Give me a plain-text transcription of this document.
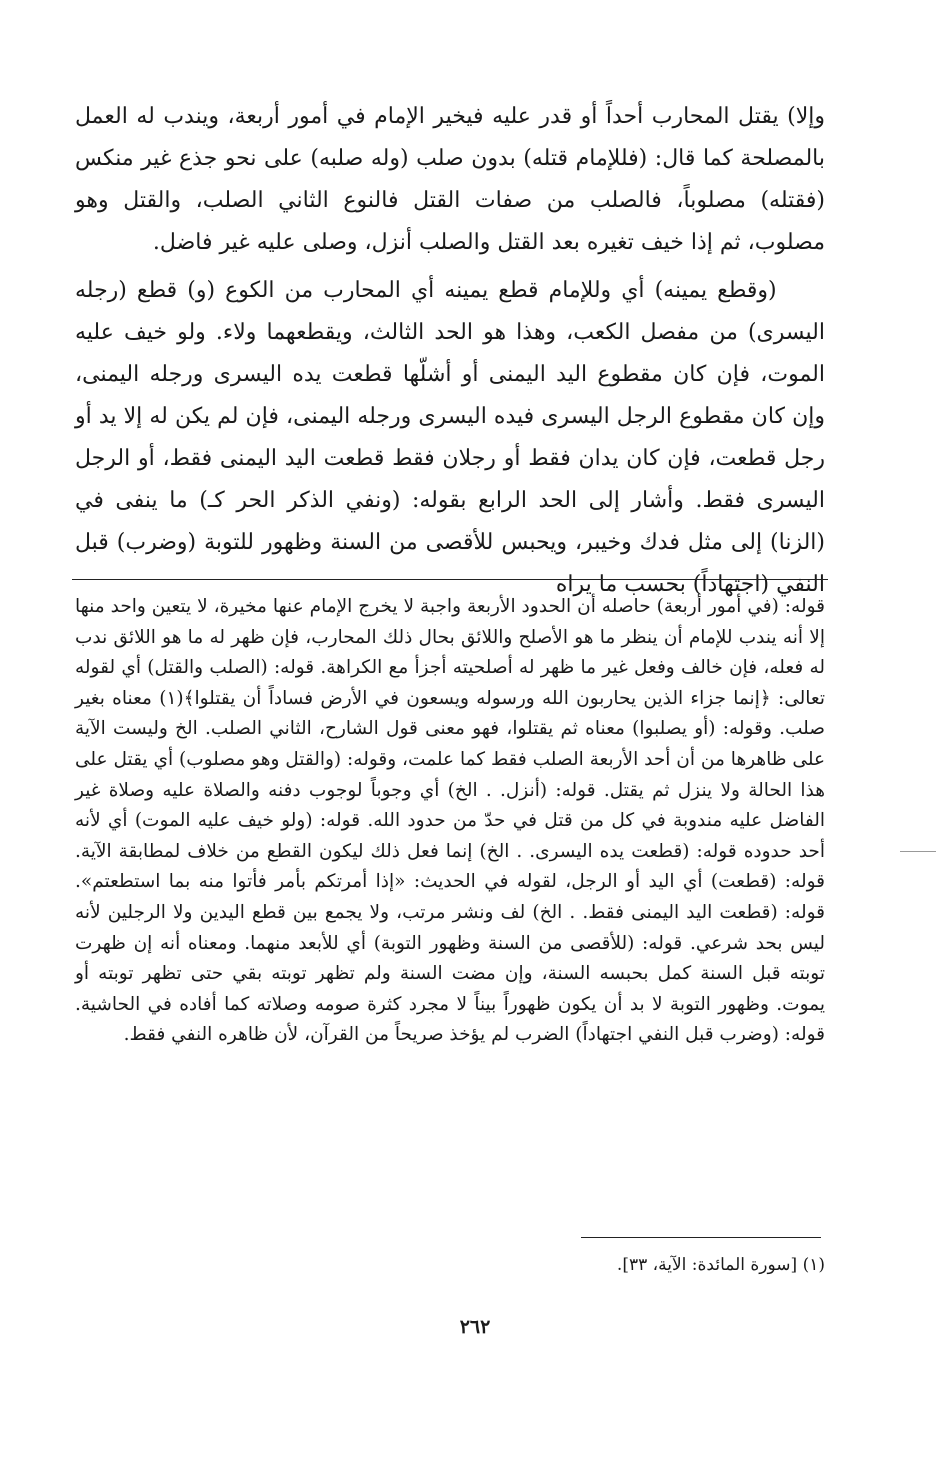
وإلا) يقتل المحارب أحداً أو قدر عليه فيخير الإمام في أمور أربعة، ويندب له العمل بالمصلحة كما قال: (فللإمام قتله) بدون صلب (وله صلبه) على نحو جذع غير منكس (فقتله) مصلوباً، فالصلب من صفات القتل فالنوع الثاني الصلب، والقتل وهو مصلوب، ثم إذا خيف تغيره بعد القتل والصلب أنزل، وصلى عليه غير فاضل.

(وقطع يمينه) أي وللإمام قطع يمينه أي المحارب من الكوع (و) قطع (رجله اليسرى) من مفصل الكعب، وهذا هو الحد الثالث، ويقطعهما ولاء. ولو خيف عليه الموت، فإن كان مقطوع اليد اليمنى أو أشلّها قطعت يده اليسرى ورجله اليمنى، وإن كان مقطوع الرجل اليسرى فيده اليسرى ورجله اليمنى، فإن لم يكن له إلا يد أو رجل قطعت، فإن كان يدان فقط أو رجلان فقط قطعت اليد اليمنى فقط، أو الرجل اليسرى فقط. وأشار إلى الحد الرابع بقوله: (ونفي الذكر الحر كـ) ما ينفى في (الزنا) إلى مثل فدك وخيبر، ويحبس للأقصى من السنة وظهور للتوبة (وضرب) قبل النفي (اجتهاداً) بحسب ما يراه

قوله: (في أمور أربعة) حاصله أن الحدود الأربعة واجبة لا يخرج الإمام عنها مخيرة، لا يتعين واحد منها إلا أنه يندب للإمام أن ينظر ما هو الأصلح واللائق بحال ذلك المحارب، فإن ظهر له ما هو اللائق ندب له فعله، فإن خالف وفعل غير ما ظهر له أصلحيته أجزأ مع الكراهة. قوله: (الصلب والقتل) أي لقوله تعالى: ﴿إنما جزاء الذين يحاربون الله ورسوله ويسعون في الأرض فساداً أن يقتلوا﴾(١) معناه بغير صلب. وقوله: (أو يصلبوا) معناه ثم يقتلوا، فهو معنى قول الشارح، الثاني الصلب. الخ وليست الآية على ظاهرها من أن أحد الأربعة الصلب فقط كما علمت، وقوله: (والقتل وهو مصلوب) أي يقتل على هذا الحالة ولا ينزل ثم يقتل. قوله: (أنزل. . الخ) أي وجوباً لوجوب دفنه والصلاة عليه وصلاة غير الفاضل عليه مندوبة في كل من قتل في حدّ من حدود الله. قوله: (ولو خيف عليه الموت) أي لأنه أحد حدوده قوله: (قطعت يده اليسرى. . الخ) إنما فعل ذلك ليكون القطع من خلاف لمطابقة الآية. قوله: (قطعت) أي اليد أو الرجل، لقوله في الحديث: «إذا أمرتكم بأمر فأتوا منه بما استطعتم». قوله: (قطعت اليد اليمنى فقط. . الخ) لف ونشر مرتب، ولا يجمع بين قطع اليدين ولا الرجلين لأنه ليس بحد شرعي. قوله: (للأقصى من السنة وظهور التوبة) أي للأبعد منهما. ومعناه أنه إن ظهرت توبته قبل السنة كمل بحبسه السنة، وإن مضت السنة ولم تظهر توبته بقي حتى تظهر توبته أو يموت. وظهور التوبة لا بد أن يكون ظهوراً بيناً لا مجرد كثرة صومه وصلاته كما أفاده في الحاشية. قوله: (وضرب قبل النفي اجتهاداً) الضرب لم يؤخذ صريحاً من القرآن، لأن ظاهره النفي فقط.

(١) [سورة المائدة: الآية، ٣٣].
٢٦٢
